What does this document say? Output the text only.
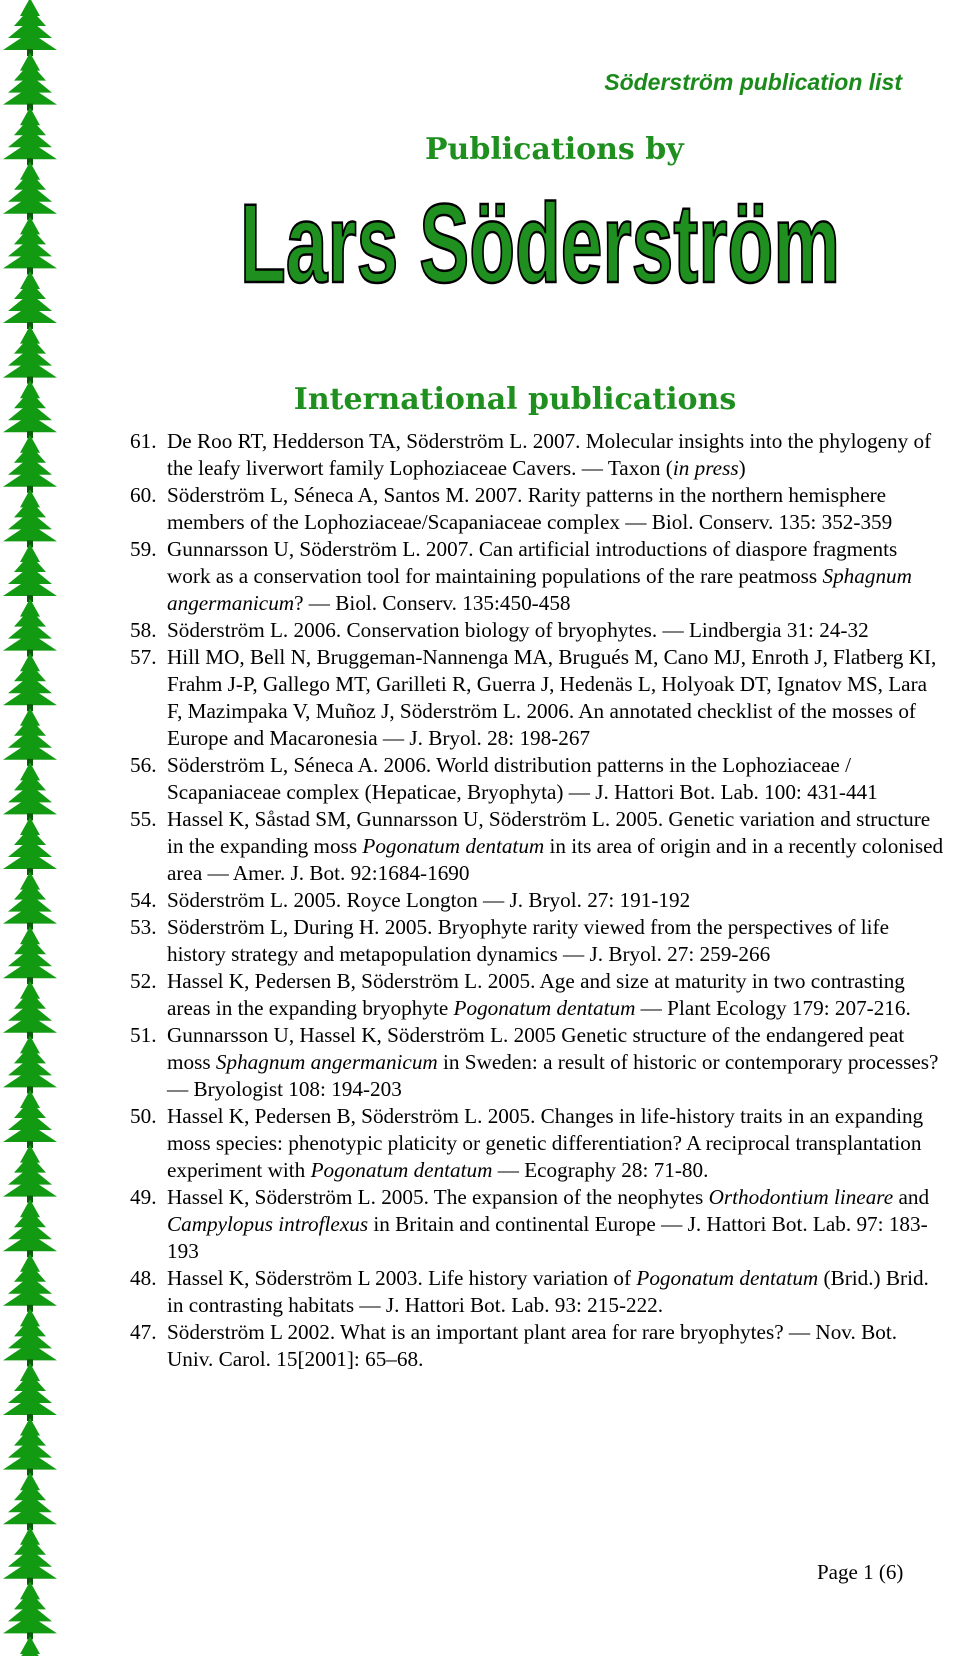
Söderström publication list
Publications by
Lars Söderström
International publications
61. De Roo RT, Hedderson TA, Söderström L. 2007. Molecular insights into the phylogeny of the leafy liverwort family Lophoziaceae Cavers. — Taxon (in press)
60. Söderström L, Séneca A, Santos M. 2007. Rarity patterns in the northern hemisphere members of the Lophoziaceae/Scapaniaceae complex — Biol. Conserv. 135: 352-359
59. Gunnarsson U, Söderström L. 2007. Can artificial introductions of diaspore fragments work as a conservation tool for maintaining populations of the rare peatmoss Sphagnum angermanicum? — Biol. Conserv. 135:450-458
58. Söderström L. 2006. Conservation biology of bryophytes. — Lindbergia 31: 24-32
57. Hill MO, Bell N, Bruggeman-Nannenga MA, Brugués M, Cano MJ, Enroth J, Flatberg KI, Frahm J-P, Gallego MT, Garilleti R, Guerra J, Hedenäs L, Holyoak DT, Ignatov MS, Lara F, Mazimpaka V, Muñoz J, Söderström L. 2006. An annotated checklist of the mosses of Europe and Macaronesia — J. Bryol. 28: 198-267
56. Söderström L, Séneca A. 2006. World distribution patterns in the Lophoziaceae / Scapaniaceae complex (Hepaticae, Bryophyta) — J. Hattori Bot. Lab. 100: 431-441
55. Hassel K, Såstad SM, Gunnarsson U, Söderström L. 2005. Genetic variation and structure in the expanding moss Pogonatum dentatum in its area of origin and in a recently colonised area — Amer. J. Bot. 92:1684-1690
54. Söderström L. 2005. Royce Longton — J. Bryol. 27: 191-192
53. Söderström L, During H. 2005. Bryophyte rarity viewed from the perspectives of life history strategy and metapopulation dynamics — J. Bryol. 27: 259-266
52. Hassel K, Pedersen B, Söderström L. 2005. Age and size at maturity in two contrasting areas in the expanding bryophyte Pogonatum dentatum — Plant Ecology 179: 207-216.
51. Gunnarsson U, Hassel K, Söderström L. 2005 Genetic structure of the endangered peat moss Sphagnum angermanicum in Sweden: a result of historic or contemporary processes? — Bryologist 108: 194-203
50. Hassel K, Pedersen B, Söderström L. 2005. Changes in life-history traits in an expanding moss species: phenotypic platicity or genetic differentiation? A reciprocal transplantation experiment with Pogonatum dentatum — Ecography 28: 71-80.
49. Hassel K, Söderström L. 2005. The expansion of the neophytes Orthodontium lineare and Campylopus introflexus in Britain and continental Europe — J. Hattori Bot. Lab. 97: 183-193
48. Hassel K, Söderström L 2003. Life history variation of Pogonatum dentatum (Brid.) Brid. in contrasting habitats — J. Hattori Bot. Lab. 93: 215-222.
47. Söderström L 2002. What is an important plant area for rare bryophytes? — Nov. Bot. Univ. Carol. 15[2001]: 65–68.
Page 1 (6)
